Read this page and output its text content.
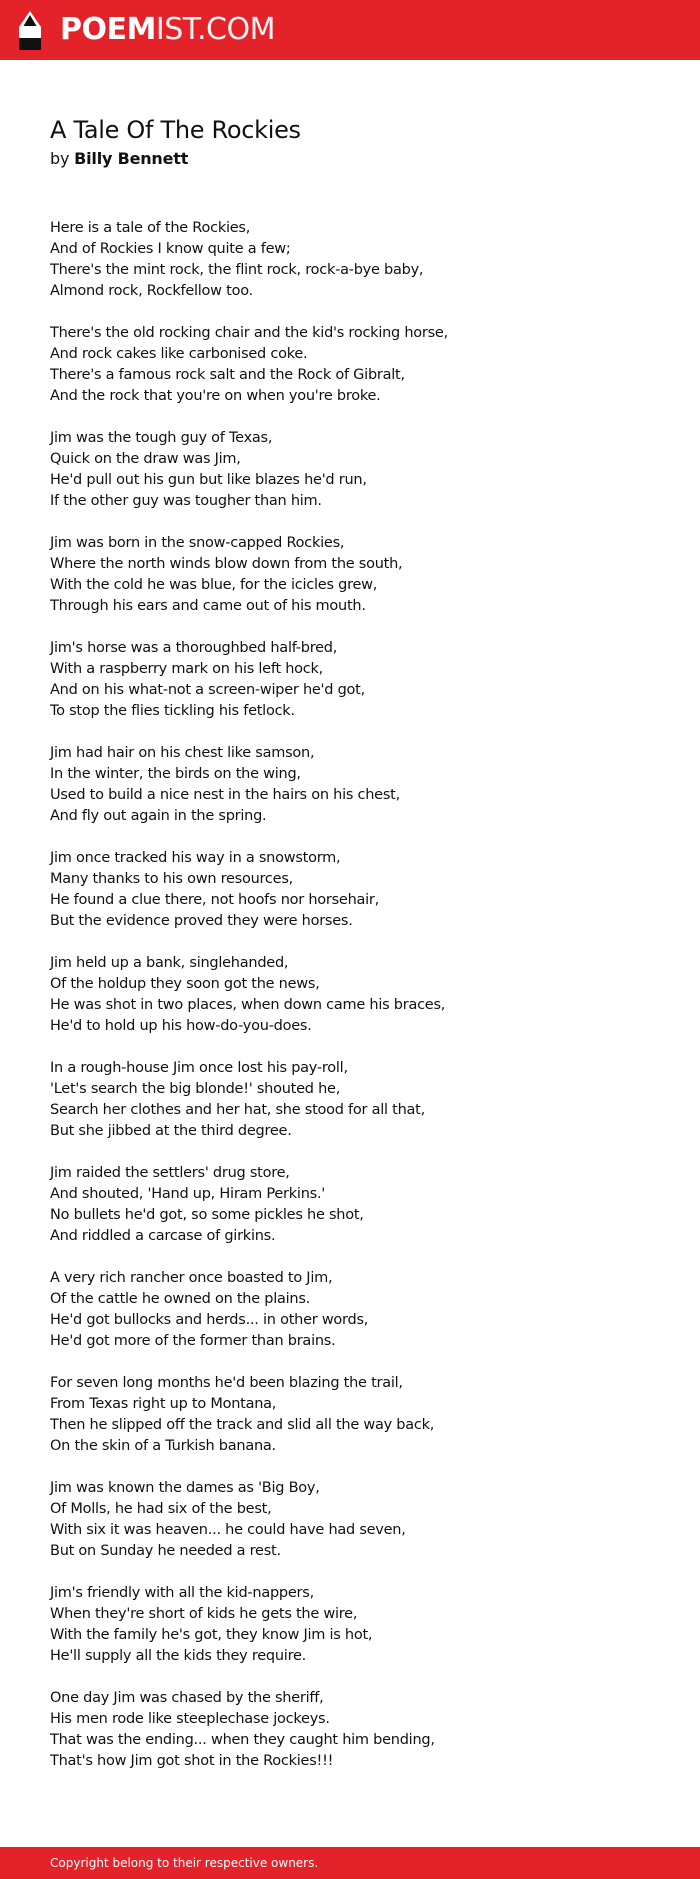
POEMIST.COM
A Tale Of The Rockies

by Billy Bennett

Here is a tale of the Rockies,
And of Rockies I know quite a few;
There's the mint rock, the flint rock, rock-a-bye baby,
Almond rock, Rockfellow too.
There's the old rocking chair and the kid's rocking horse,
And rock cakes like carbonised coke.
There's a famous rock salt and the Rock of Gibralt,
And the rock that you're on when you're broke.
Jim was the tough guy of Texas,
Quick on the draw was Jim,
He'd pull out his gun but like blazes he'd run,
If the other guy was tougher than him.
Jim was born in the snow-capped Rockies,
Where the north winds blow down from the south,
With the cold he was blue, for the icicles grew,
Through his ears and came out of his mouth.
Jim's horse was a thoroughbed half-bred,
With a raspberry mark on his left hock,
And on his what-not a screen-wiper he'd got,
To stop the flies tickling his fetlock.
Jim had hair on his chest like samson,
In the winter, the birds on the wing,
Used to build a nice nest in the hairs on his chest,
And fly out again in the spring.
Jim once tracked his way in a snowstorm,
Many thanks to his own resources,
He found a clue there, not hoofs nor horsehair,
But the evidence proved they were horses.
Jim held up a bank, singlehanded,
Of the holdup they soon got the news,
He was shot in two places, when down came his braces,
He'd to hold up his how-do-you-does.
In a rough-house Jim once lost his pay-roll,
'Let's search the big blonde!' shouted he,
Search her clothes and her hat, she stood for all that,
But she jibbed at the third degree.
Jim raided the settlers' drug store,
And shouted, 'Hand up, Hiram Perkins.'
No bullets he'd got, so some pickles he shot,
And riddled a carcase of girkins.
A very rich rancher once boasted to Jim,
Of the cattle he owned on the plains.
He'd got bullocks and herds... in other words,
He'd got more of the former than brains.
For seven long months he'd been blazing the trail,
From Texas right up to Montana,
Then he slipped off the track and slid all the way back,
On the skin of a Turkish banana.
Jim was known the dames as 'Big Boy,
Of Molls, he had six of the best,
With six it was heaven... he could have had seven,
But on Sunday he needed a rest.
Jim's friendly with all the kid-nappers,
When they're short of kids he gets the wire,
With the family he's got, they know Jim is hot,
He'll supply all the kids they require.
One day Jim was chased by the sheriff,
His men rode like steeplechase jockeys.
That was the ending... when they caught him bending,
That's how Jim got shot in the Rockies!!!
Copyright belong to their respective owners.
